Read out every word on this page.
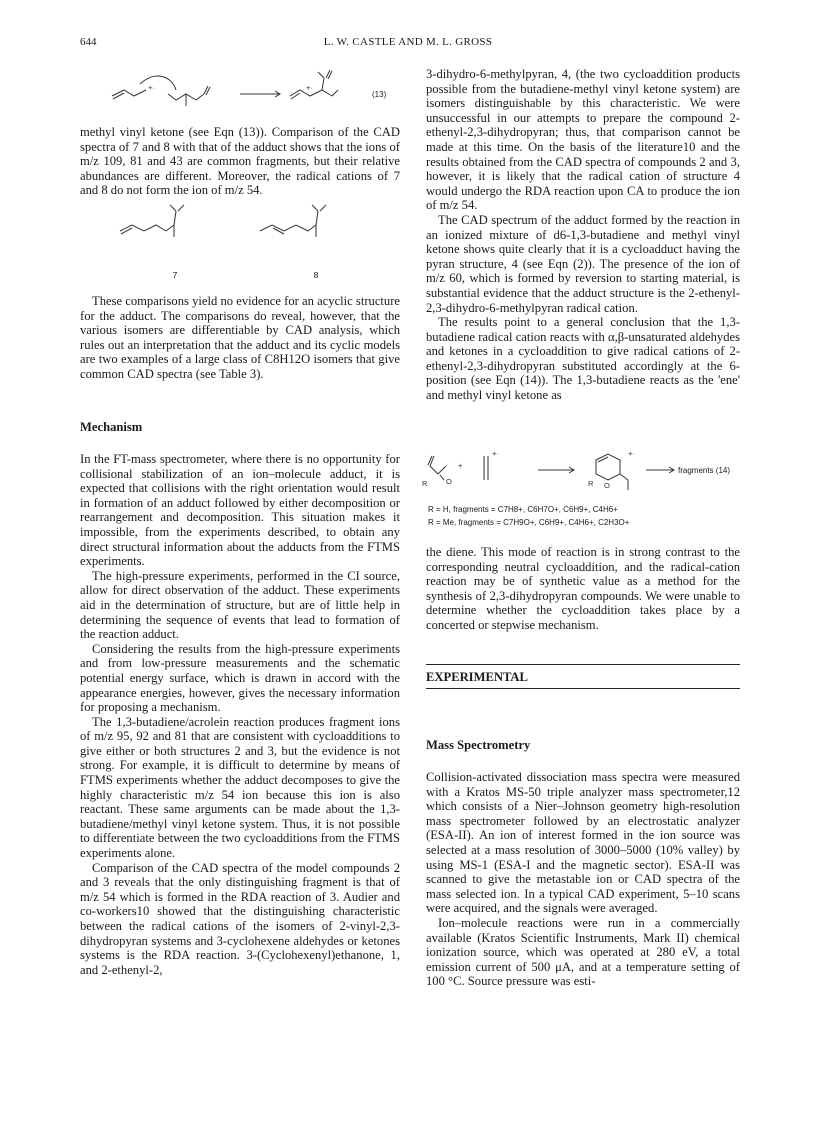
644	L. W. CASTLE AND M. L. GROSS
+·	+·
(13)

methyl vinyl ketone (see Eqn (13)). Comparison of the CAD spectra of 7 and 8 with that of the adduct shows that the ions of m/z 109, 81 and 43 are common fragments, but their relative abundances are different. Moreover, the radical cations of 7 and 8 do not form the ion of m/z 54.

7	8

These comparisons yield no evidence for an acyclic structure for the adduct. The comparisons do reveal, however, that the various isomers are differentiable by CAD analysis, which rules out an interpretation that the adduct and its cyclic models are two examples of a large class of C8H12O isomers that give common CAD spectra (see Table 3).

Mechanism

In the FT-mass spectrometer, where there is no opportunity for collisional stabilization of an ion–molecule adduct, it is expected that collisions with the right orientation would result in formation of an adduct followed by either decomposition or rearrangement and decomposition. This situation makes it impossible, from the experiments described, to obtain any direct structural information about the adducts from the FTMS experiments.

The high-pressure experiments, performed in the CI source, allow for direct observation of the adduct. These experiments aid in the determination of structure, but are of little help in determining the sequence of events that lead to formation of the reaction adduct.

Considering the results from the high-pressure experiments and from low-pressure measurements and the schematic potential energy surface, which is drawn in accord with the appearance energies, however, gives the necessary information for proposing a mechanism.

The 1,3-butadiene/acrolein reaction produces fragment ions of m/z 95, 92 and 81 that are consistent with cycloadditions to give either or both structures 2 and 3, but the evidence is not strong. For example, it is difficult to determine by means of FTMS experiments whether the adduct decomposes to give the highly characteristic m/z 54 ion because this ion is also reactant. These same arguments can be made about the 1,3-butadiene/methyl vinyl ketone system. Thus, it is not possible to differentiate between the two cycloadditions from the FTMS experiments alone.

Comparison of the CAD spectra of the model compounds 2 and 3 reveals that the only distinguishing fragment is that of m/z 54 which is formed in the RDA reaction of 3. Audier and co-workers10 showed that the distinguishing characteristic between the radical cations of the isomers of 2-vinyl-2,3-dihydropyran systems and 3-cyclohexene aldehydes or ketones systems is the RDA reaction. 3-(Cyclohexenyl)ethanone, 1, and 2-ethenyl-2,

3-dihydro-6-methylpyran, 4, (the two cycloaddition products possible from the butadiene-methyl vinyl ketone system) are isomers distinguishable by this characteristic. We were unsuccessful in our attempts to prepare the compound 2-ethenyl-2,3-dihydropyran; thus, that comparison cannot be made at this time. On the basis of the literature10 and the results obtained from the CAD spectra of compounds 2 and 3, however, it is likely that the radical cation of structure 4 would undergo the RDA reaction upon CA to produce the ion of m/z 54.

The CAD spectrum of the adduct formed by the reaction in an ionized mixture of d6-1,3-butadiene and methyl vinyl ketone shows quite clearly that it is a cycloadduct having the pyran structure, 4 (see Eqn (2)). The presence of the ion of m/z 60, which is formed by reversion to starting material, is substantial evidence that the adduct structure is the 2-ethenyl-2,3-dihydro-6-methylpyran radical cation.

The results point to a general conclusion that the 1,3-butadiene radical cation reacts with α,β-unsaturated aldehydes and ketones in a cycloaddition to give radical cations of 2-ethenyl-2,3-dihydropyran substituted accordingly at the 6-position (see Eqn (14)). The 1,3-butadiene reacts as the 'ene' and methyl vinyl ketone as

R O
+
+·
R O
+·
fragments (14)
R = H, fragments = C7H8+, C6H7O+, C6H9+, C4H6+
R = Me, fragments = C7H9O+, C6H9+, C4H6+, C2H3O+

the diene. This mode of reaction is in strong contrast to the corresponding neutral cycloaddition, and the radical-cation reaction may be of synthetic value as a method for the synthesis of 2,3-dihydropyran compounds. We were unable to determine whether the cycloaddition takes place by a concerted or stepwise mechanism.

EXPERIMENTAL
Mass Spectrometry

Collision-activated dissociation mass spectra were measured with a Kratos MS-50 triple analyzer mass spectrometer,12 which consists of a Nier–Johnson geometry high-resolution mass spectrometer followed by an electrostatic analyzer (ESA-II). An ion of interest formed in the ion source was selected at a mass resolution of 3000–5000 (10% valley) by using MS-1 (ESA-I and the magnetic sector). ESA-II was scanned to give the metastable ion or CAD spectra of the mass selected ion. In a typical CAD experiment, 5–10 scans were acquired, and the signals were averaged.

Ion–molecule reactions were run in a commercially available (Kratos Scientific Instruments, Mark II) chemical ionization source, which was operated at 280 eV, a total emission current of 500 μA, and at a temperature setting of 100 °C. Source pressure was esti-
